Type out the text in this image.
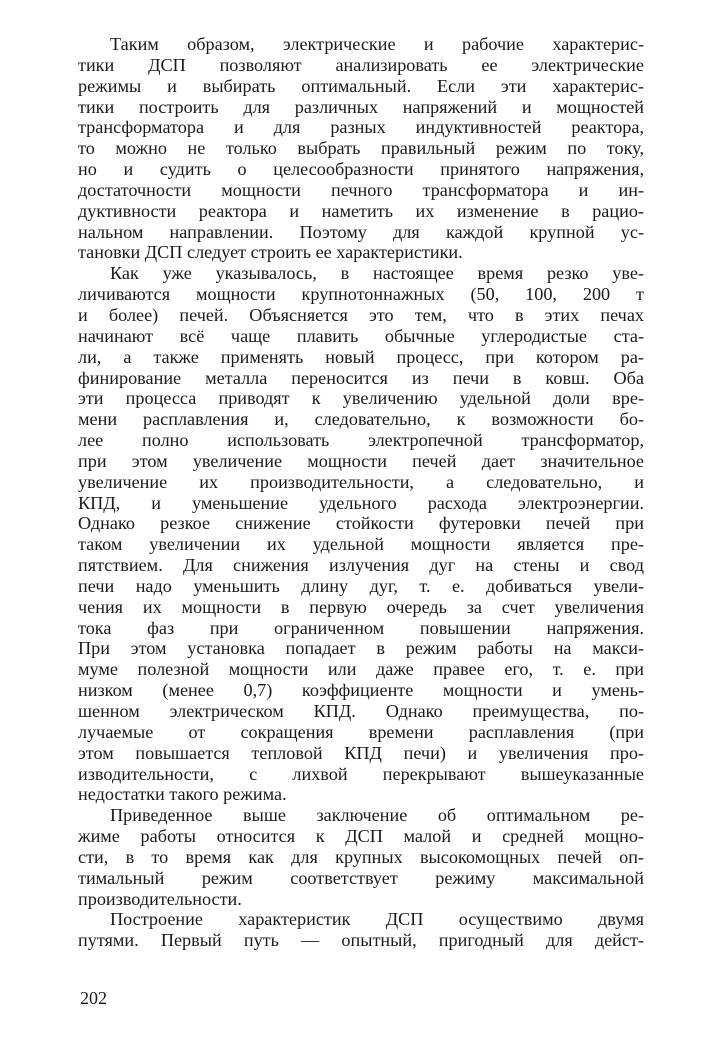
Таким образом, электрические и рабочие характерис-

тики ДСП позволяют анализировать ее электрические

режимы и выбирать оптимальный. Если эти характерис-

тики построить для различных напряжений и мощностей

трансформатора и для разных индуктивностей реактора,

то можно не только выбрать правильный режим по току,

но и судить о целесообразности принятого напряжения,

достаточности мощности печного трансформатора и ин-

дуктивности реактора и наметить их изменение в рацио-

нальном направлении. Поэтому для каждой крупной ус-

тановки ДСП следует строить ее характеристики.

Как уже указывалось, в настоящее время резко уве-

личиваются мощности крупнотоннажных (50, 100, 200 т

и более) печей. Объясняется это тем, что в этих печах

начинают всё чаще плавить обычные углеродистые ста-

ли, а также применять новый процесс, при котором ра-

финирование металла переносится из печи в ковш. Оба

эти процесса приводят к увеличению удельной доли вре-

мени расплавления и, следовательно, к возможности бо-

лее полно использовать электропечной трансформатор,

при этом увеличение мощности печей дает значительное

увеличение их производительности, а следовательно, и

КПД, и уменьшение удельного расхода электроэнергии.

Однако резкое снижение стойкости футеровки печей при

таком увеличении их удельной мощности является пре-

пятствием. Для снижения излучения дуг на стены и свод

печи надо уменьшить длину дуг, т. е. добиваться увели-

чения их мощности в первую очередь за счет увеличения

тока фаз при ограниченном повышении напряжения.

При этом установка попадает в режим работы на макси-

муме полезной мощности или даже правее его, т. е. при

низком (менее 0,7) коэффициенте мощности и умень-

шенном электрическом КПД. Однако преимущества, по-

лучаемые от сокращения времени расплавления (при

этом повышается тепловой КПД печи) и увеличения про-

изводительности, с лихвой перекрывают вышеуказанные

недостатки такого режима.

Приведенное выше заключение об оптимальном ре-

жиме работы относится к ДСП малой и средней мощно-

сти, в то время как для крупных высокомощных печей оп-

тимальный режим соответствует режиму максимальной

производительности.

Построение характеристик ДСП осуществимо двумя

путями. Первый путь — опытный, пригодный для дейст-

202
